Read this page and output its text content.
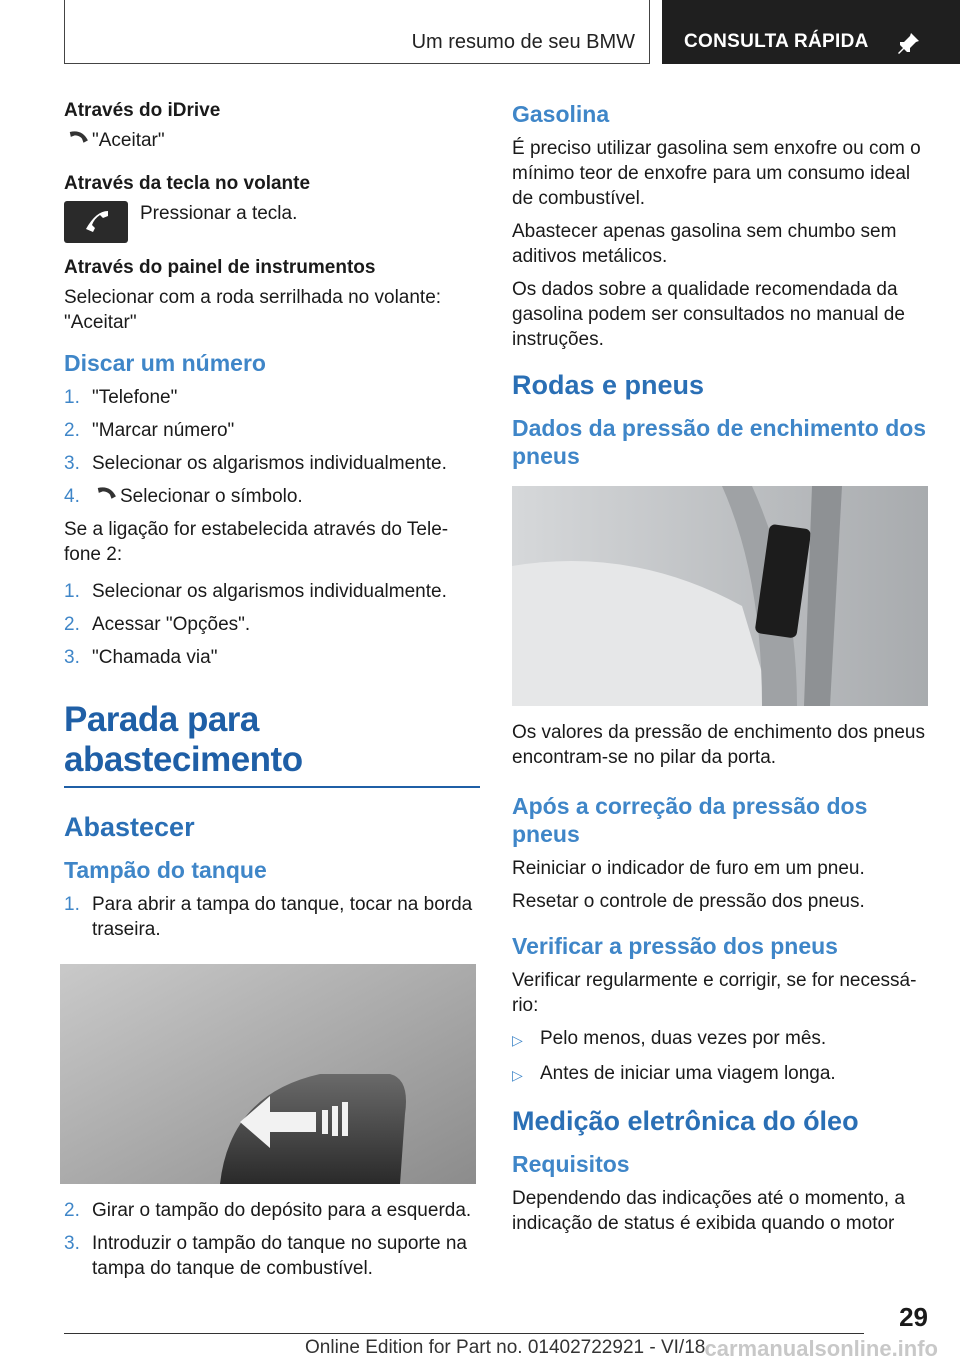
Um resumo de seu BMW	CONSULTA RÁPIDA
Através do iDrive
"Aceitar"
Através da tecla no volante
Pressionar a tecla.
Através do painel de instrumentos
Selecionar com a roda serrilhada no volante: "Aceitar"
Discar um número
1. "Telefone"
2. "Marcar número"
3. Selecionar os algarismos individualmente.
4.	Selecionar o símbolo.
Se a ligação for estabelecida através do Tele-fone 2:
1. Selecionar os algarismos individualmente.
2. Acessar "Opções".
3. "Chamada via"
Parada para abastecimento
Abastecer
Tampão do tanque
1. Para abrir a tampa do tanque, tocar na borda traseira.
2. Girar o tampão do depósito para a esquerda.
3. Introduzir o tampão do tanque no suporte na tampa do tanque de combustível.
Gasolina
É preciso utilizar gasolina sem enxofre ou com o mínimo teor de enxofre para um consumo ideal de combustível.
Abastecer apenas gasolina sem chumbo sem aditivos metálicos.
Os dados sobre a qualidade recomendada da gasolina podem ser consultados no manual de instruções.
Rodas e pneus
Dados da pressão de enchimento dos pneus
Os valores da pressão de enchimento dos pneus encontram-se no pilar da porta.
Após a correção da pressão dos pneus
Reiniciar o indicador de furo em um pneu.
Resetar o controle de pressão dos pneus.
Verificar a pressão dos pneus
Verificar regularmente e corrigir, se for necessá-rio:
▷ Pelo menos, duas vezes por mês.
▷ Antes de iniciar uma viagem longa.
Medição eletrônica do óleo
Requisitos
Dependendo das indicações até o momento, a indicação de status é exibida quando o motor
29
Online Edition for Part no. 01402722921 - VI/18 carmanualsonline.info
